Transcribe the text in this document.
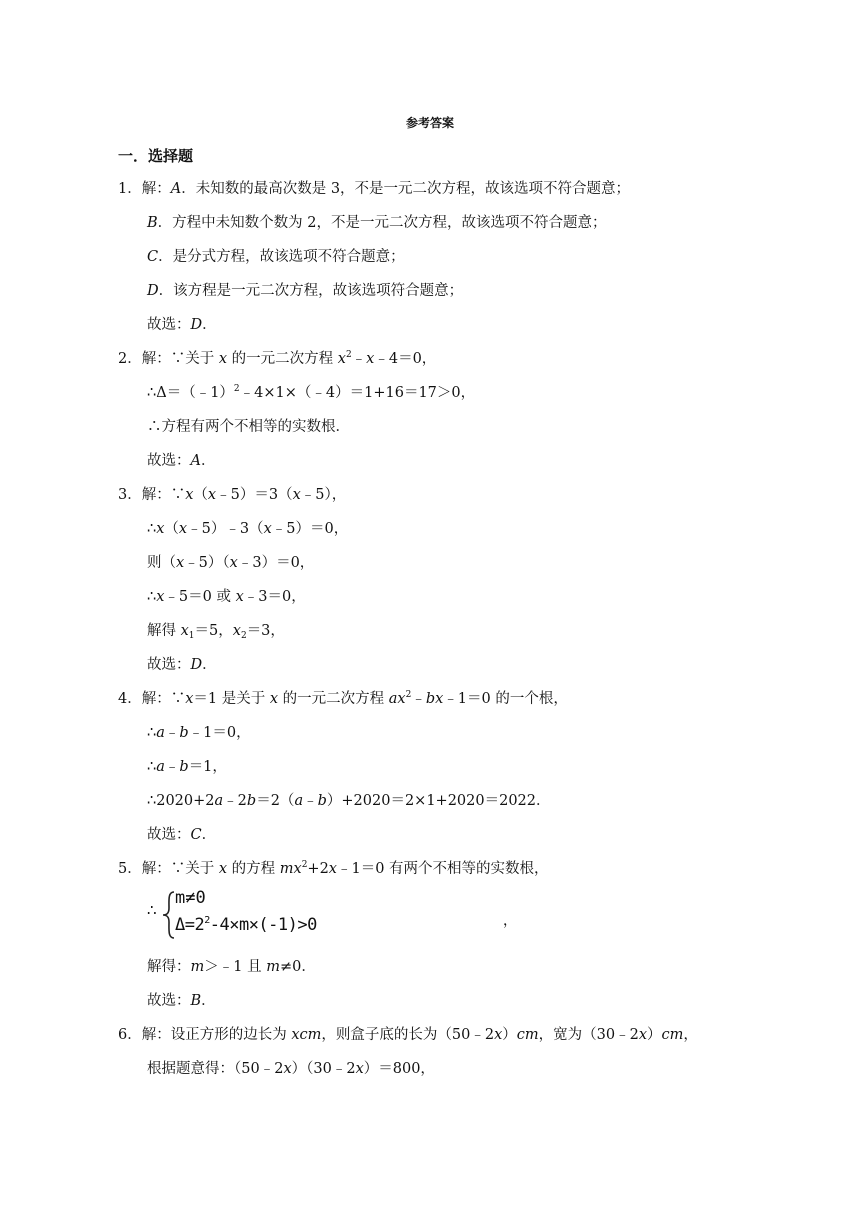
参考答案
一．选择题
1．解：A．未知数的最高次数是 3，不是一元二次方程，故该选项不符合题意；
B．方程中未知数个数为 2，不是一元二次方程，故该选项不符合题意；
C．是分式方程，故该选项不符合题意；
D．该方程是一元二次方程，故该选项符合题意；
故选：D．
2．解：∵关于 x 的一元二次方程 $x^2﹣x﹣4=0$，
∴Δ＝（﹣1）$^2$﹣4×1×（﹣4）＝1+16＝17＞0，
∴方程有两个不相等的实数根．
故选：A．
3．解：∵x（x﹣5）＝3（x﹣5），
∴x（x﹣5）﹣3（x﹣5）＝0，
则（x﹣5）（x﹣3）＝0，
∴x﹣5＝0 或 x﹣3＝0，
解得 $x_1=5$，$x_2=3$，
故选：D．
4．解：∵x＝1 是关于 x 的一元二次方程 $ax^2﹣bx﹣1=0$ 的一个根，
∴a﹣b﹣1＝0，
∴a﹣b＝1，
∴2020+2a﹣2b＝2（a﹣b）+2020＝2×1+2020＝2022．
故选：C．
5．解：∵关于 x 的方程 $mx^2+2x﹣1=0$ 有两个不相等的实数根，
∴
m≠0
$\Delta=2^2-4\times m\times(-1)>0$	，
解得：m＞﹣1 且 m≠0．
故选：B．
6．解：设正方形的边长为 xcm，则盒子底的长为（50﹣2x）cm，宽为（30﹣2x）cm，
根据题意得：（50﹣2x）（30﹣2x）＝800，
